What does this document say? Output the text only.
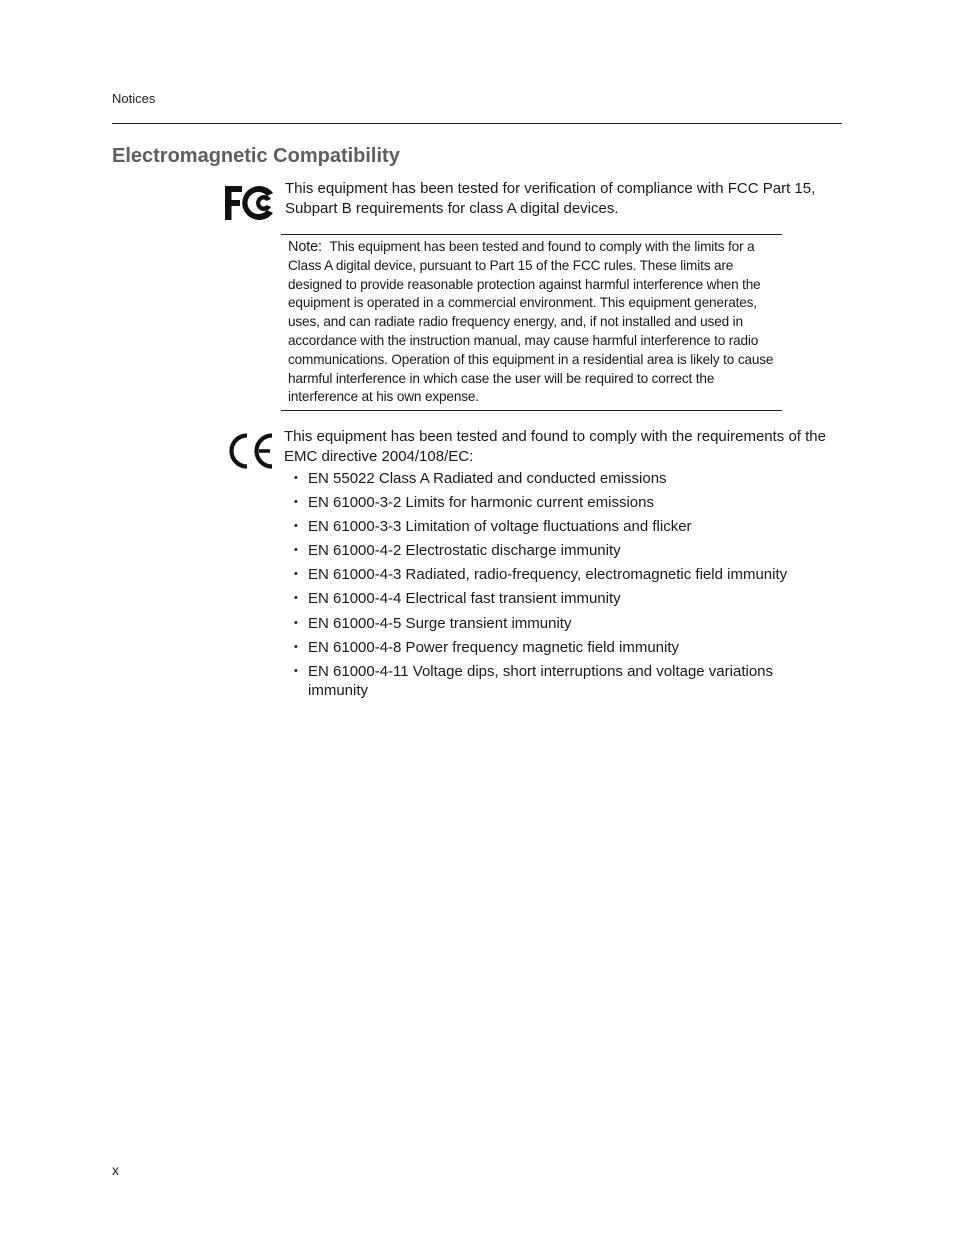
Notices
Electromagnetic Compatibility

This equipment has been tested for verification of compliance with FCC Part 15, Subpart B requirements for class A digital devices.

Note: This equipment has been tested and found to comply with the limits for a Class A digital device, pursuant to Part 15 of the FCC rules. These limits are designed to provide reasonable protection against harmful interference when the equipment is operated in a commercial environment. This equipment generates, uses, and can radiate radio frequency energy, and, if not installed and used in accordance with the instruction manual, may cause harmful interference to radio communications. Operation of this equipment in a residential area is likely to cause harmful interference in which case the user will be required to correct the interference at his own expense.

This equipment has been tested and found to comply with the requirements of the EMC directive 2004/108/EC:

• EN 55022 Class A Radiated and conducted emissions
• EN 61000-3-2 Limits for harmonic current emissions
• EN 61000-3-3 Limitation of voltage fluctuations and flicker
• EN 61000-4-2 Electrostatic discharge immunity
• EN 61000-4-3 Radiated, radio-frequency, electromagnetic field immunity
• EN 61000-4-4 Electrical fast transient immunity
• EN 61000-4-5 Surge transient immunity
• EN 61000-4-8 Power frequency magnetic field immunity
• EN 61000-4-11 Voltage dips, short interruptions and voltage variations immunity
x
